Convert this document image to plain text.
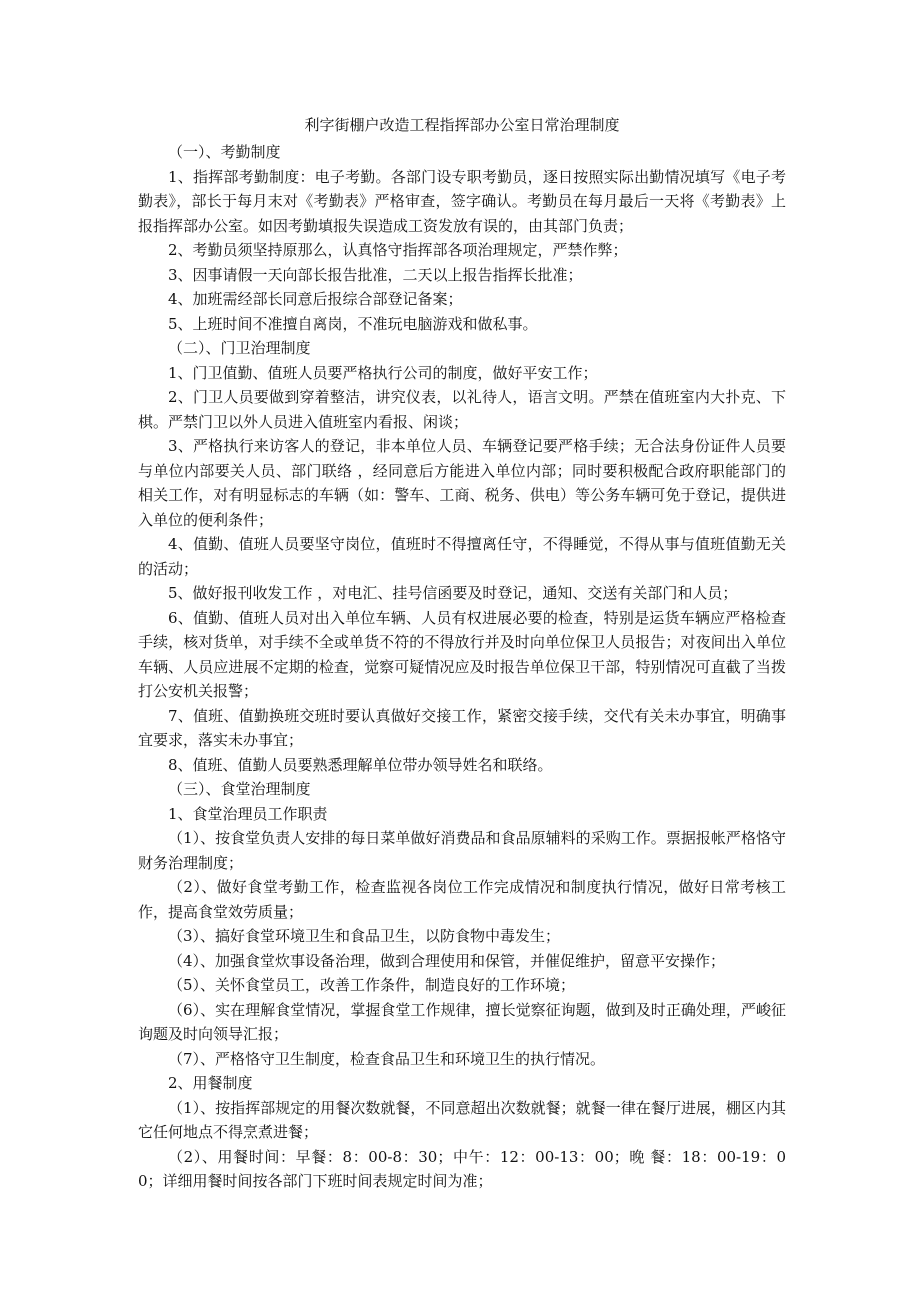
利字街棚户改造工程指挥部办公室日常治理制度

（一）、考勤制度

1、指挥部考勤制度：电子考勤。各部门设专职考勤员，逐日按照实际出勤情况填写《电子考勤表》，部长于每月末对《考勤表》严格审查，签字确认。考勤员在每月最后一天将《考勤表》上报指挥部办公室。如因考勤填报失误造成工资发放有误的，由其部门负责；

2、考勤员须坚持原那么，认真恪守指挥部各项治理规定，严禁作弊；

3、因事请假一天向部长报告批准，二天以上报告指挥长批准；

4、加班需经部长同意后报综合部登记备案；

5、上班时间不准擅自离岗，不准玩电脑游戏和做私事。

（二）、门卫治理制度

1、门卫值勤、值班人员要严格执行公司的制度，做好平安工作；

2、门卫人员要做到穿着整洁，讲究仪表，以礼待人，语言文明。严禁在值班室内大扑克、下棋。严禁门卫以外人员进入值班室内看报、闲谈；

3、严格执行来访客人的登记，非本单位人员、车辆登记要严格手续；无合法身份证件人员要与单位内部要关人员、部门联络 ，经同意后方能进入单位内部；同时要积极配合政府职能部门的相关工作，对有明显标志的车辆（如：警车、工商、税务、供电）等公务车辆可免于登记，提供进入单位的便利条件；

4、值勤、值班人员要坚守岗位，值班时不得擅离任守，不得睡觉，不得从事与值班值勤无关的活动；

5、做好报刊收发工作 ，对电汇、挂号信函要及时登记，通知、交送有关部门和人员；

6、值勤、值班人员对出入单位车辆、人员有权进展必要的检查，特别是运货车辆应严格检查手续，核对货单，对手续不全或单货不符的不得放行并及时向单位保卫人员报告；对夜间出入单位车辆、人员应进展不定期的检查，觉察可疑情况应及时报告单位保卫干部，特别情况可直截了当拨打公安机关报警；

7、值班、值勤换班交班时要认真做好交接工作，紧密交接手续，交代有关未办事宜，明确事宜要求，落实未办事宜；

8、值班、值勤人员要熟悉理解单位带办领导姓名和联络。

（三）、食堂治理制度

1、食堂治理员工作职责

（1）、按食堂负责人安排的每日菜单做好消费品和食品原辅料的采购工作。票据报帐严格恪守财务治理制度；

（2）、做好食堂考勤工作，检查监视各岗位工作完成情况和制度执行情况，做好日常考核工作，提高食堂效劳质量；

（3）、搞好食堂环境卫生和食品卫生，以防食物中毒发生；

（4）、加强食堂炊事设备治理，做到合理使用和保管，并催促维护，留意平安操作；

（5）、关怀食堂员工，改善工作条件，制造良好的工作环境；

（6）、实在理解食堂情况，掌握食堂工作规律，擅长觉察征询题，做到及时正确处理，严峻征询题及时向领导汇报；

（7）、严格恪守卫生制度，检查食品卫生和环境卫生的执行情况。

2、用餐制度

（1）、按指挥部规定的用餐次数就餐，不同意超出次数就餐；就餐一律在餐厅进展，棚区内其它任何地点不得烹煮进餐；

（2）、用餐时间：早餐：8：00-8：30；中午：12：00-13：00；晚 餐：18：00-19：00；详细用餐时间按各部门下班时间表规定时间为准；
